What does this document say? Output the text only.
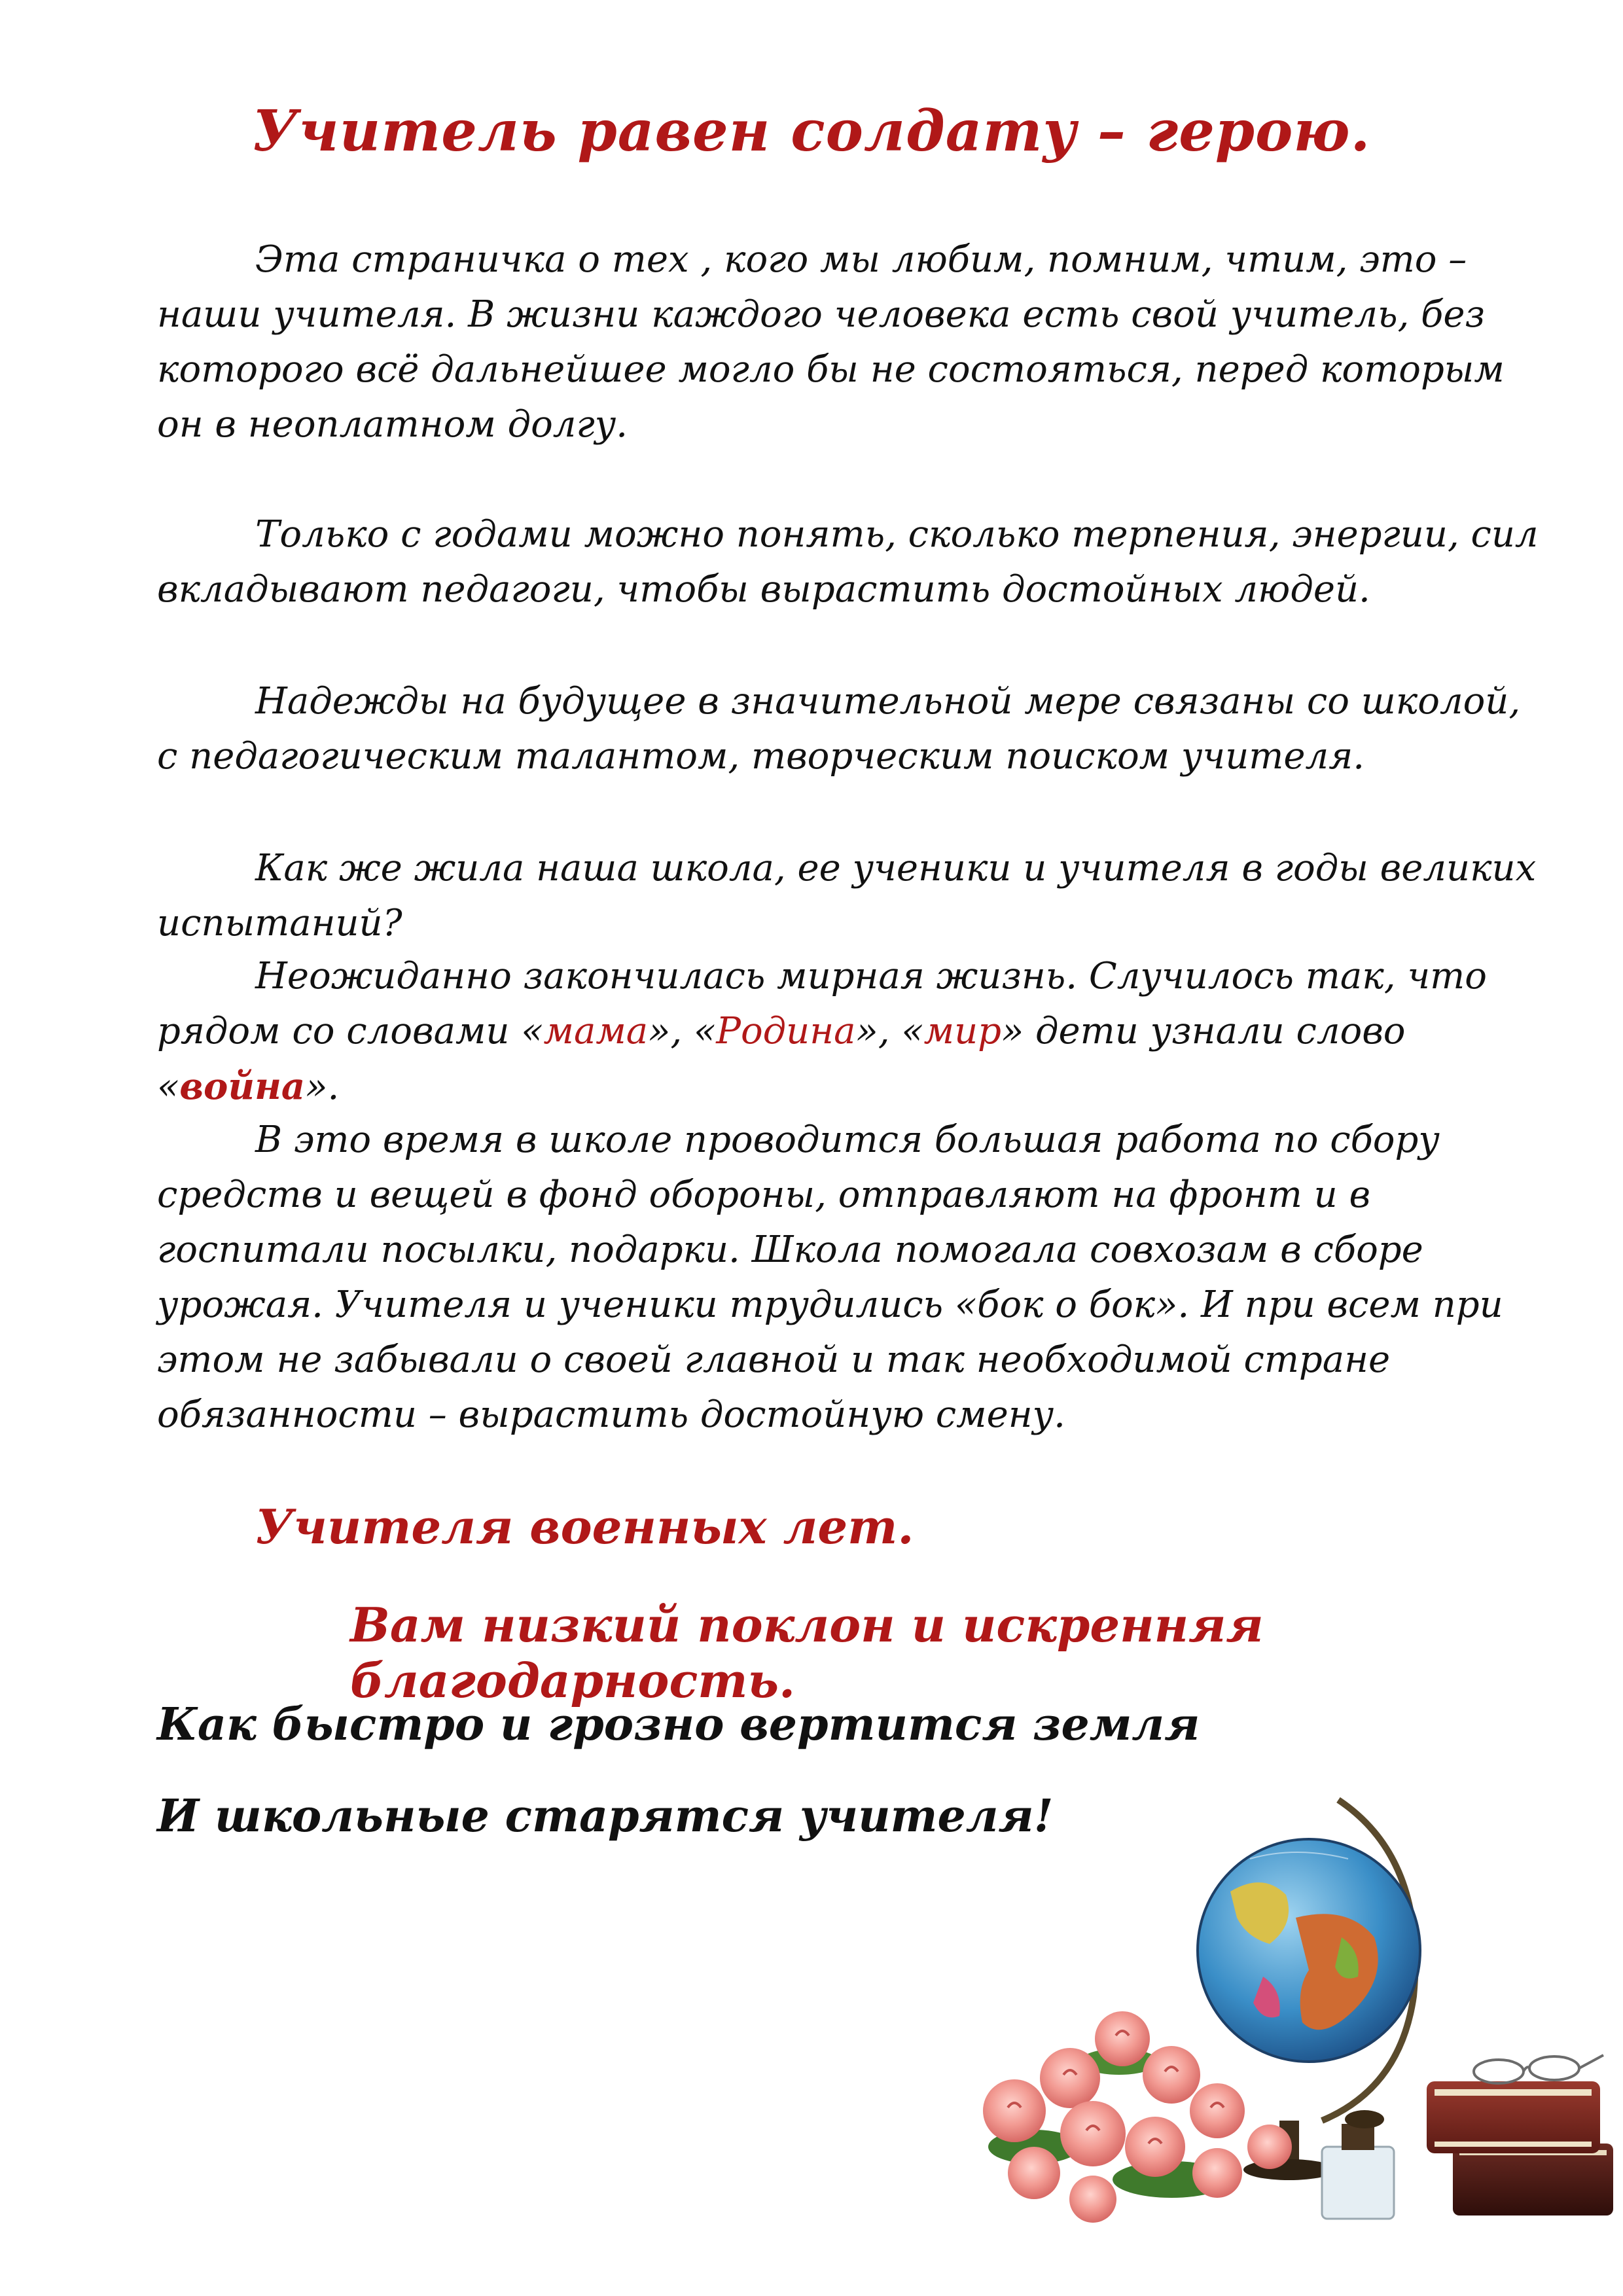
Учитель равен солдату – герою.

Эта страничка о тех , кого мы любим, помним, чтим, это – наши учителя. В жизни каждого человека есть свой учитель, без которого всё дальнейшее могло бы не состояться, перед которым он в неоплатном долгу.

Только с годами можно понять, сколько терпения, энергии, сил вкладывают педагоги, чтобы вырастить достойных людей.

Надежды на будущее в значительной мере связаны со школой, с педагогическим талантом, творческим поиском учителя.

Как же жила наша школа, ее ученики и учителя в годы великих испытаний?

Неожиданно закончилась мирная жизнь. Случилось так, что рядом со словами «мама», «Родина», «мир» дети узнали слово «война».

В это время в школе проводится большая работа по сбору средств и вещей в фонд обороны, отправляют на фронт и в госпитали посылки, подарки. Школа помогала совхозам в сборе урожая. Учителя и ученики трудились «бок о бок». И при всем при этом не забывали о своей главной и так необходимой стране обязанности – вырастить достойную смену.

Учителя военных лет.
Вам низкий поклон и искренняя благодарность.
Как быстро и грозно вертится земля
И школьные старятся учителя!
